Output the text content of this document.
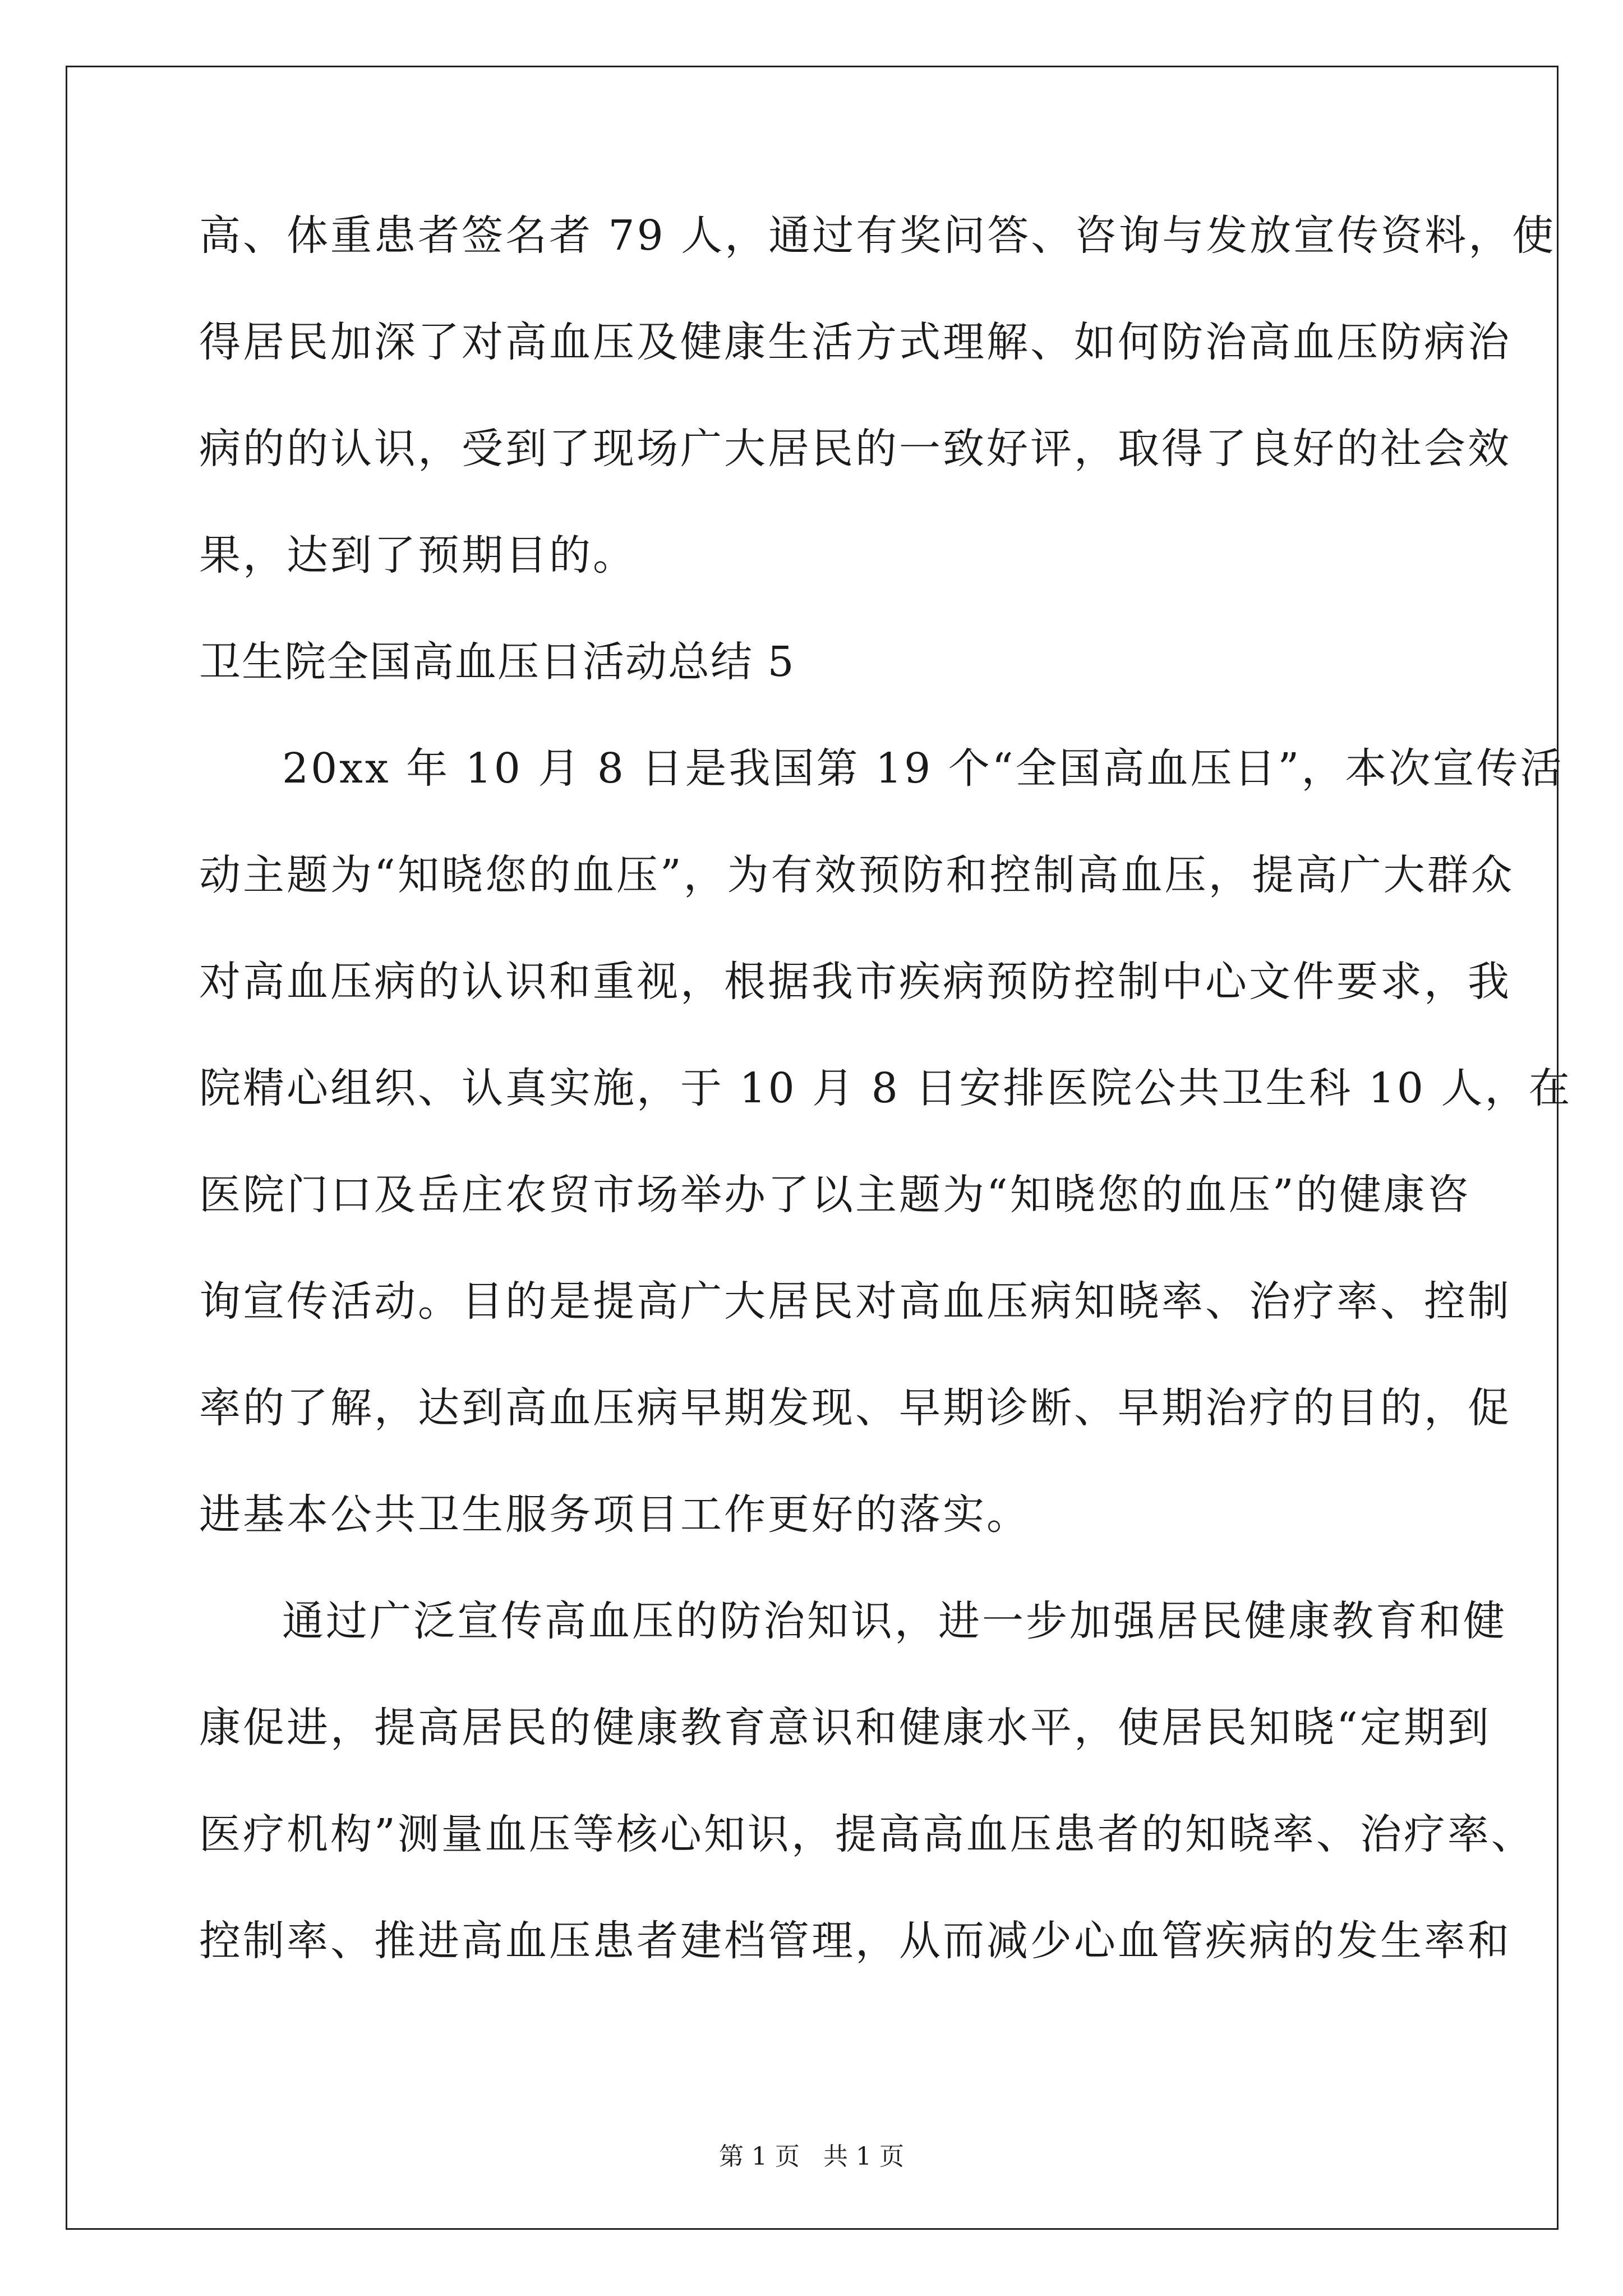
高、体重患者签名者 79 人，通过有奖问答、咨询与发放宣传资料，使
得居民加深了对高血压及健康生活方式理解、如何防治高血压防病治
病的的认识，受到了现场广大居民的一致好评，取得了良好的社会效
果，达到了预期目的。
卫生院全国高血压日活动总结 5
20xx 年 10 月 8 日是我国第 19 个“全国高血压日”，本次宣传活
动主题为“知晓您的血压”，为有效预防和控制高血压，提高广大群众
对高血压病的认识和重视，根据我市疾病预防控制中心文件要求，我
院精心组织、认真实施，于 10 月 8 日安排医院公共卫生科 10 人，在
医院门口及岳庄农贸市场举办了以主题为“知晓您的血压”的健康咨
询宣传活动。目的是提高广大居民对高血压病知晓率、治疗率、控制
率的了解，达到高血压病早期发现、早期诊断、早期治疗的目的，促
进基本公共卫生服务项目工作更好的落实。
通过广泛宣传高血压的防治知识，进一步加强居民健康教育和健
康促进，提高居民的健康教育意识和健康水平，使居民知晓“定期到
医疗机构”测量血压等核心知识，提高高血压患者的知晓率、治疗率、
控制率、推进高血压患者建档管理，从而减少心血管疾病的发生率和
第 1 页   共 1 页
